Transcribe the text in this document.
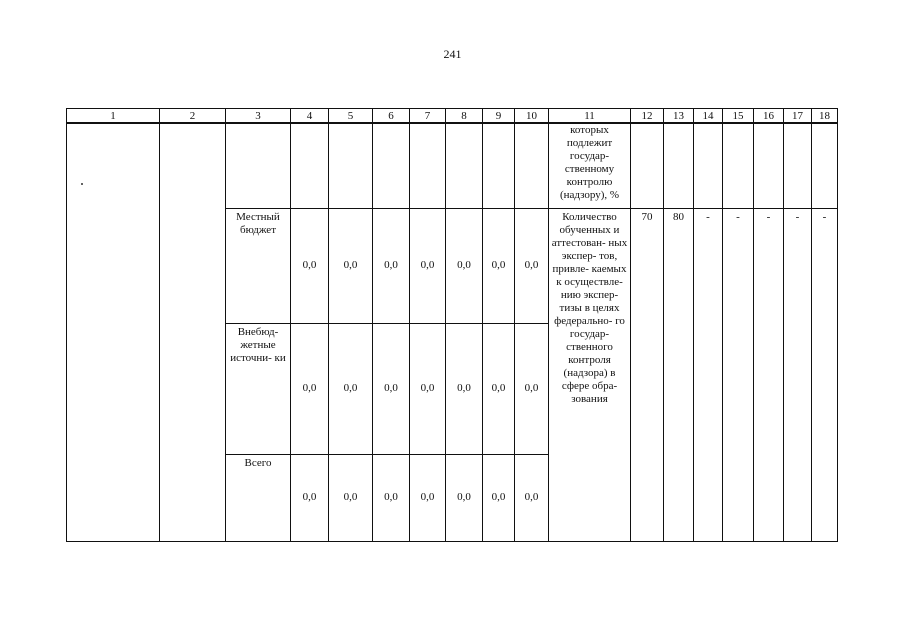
241
1	2	3	4	5	6	7	8	9	10	11	12	13	14	15	16	17	18
										которых подлежит государ- ственному контролю (надзору), %							

		Местный бюджет	0,0	0,0	0,0	0,0	0,0	0,0	0,0	Количество обученных и аттестован- ных экспер- тов, привле- каемых к осуществле- нию экспер- тизы в целях федерально- го государ- ственного контроля (надзора) в сфере обра- зования	70	80	-	-	-	-	-

		Внебюд- жетные источни- ки	0,0	0,0	0,0	0,0	0,0	0,0	0,0								

		Всего	0,0	0,0	0,0	0,0	0,0	0,0	0,0								
